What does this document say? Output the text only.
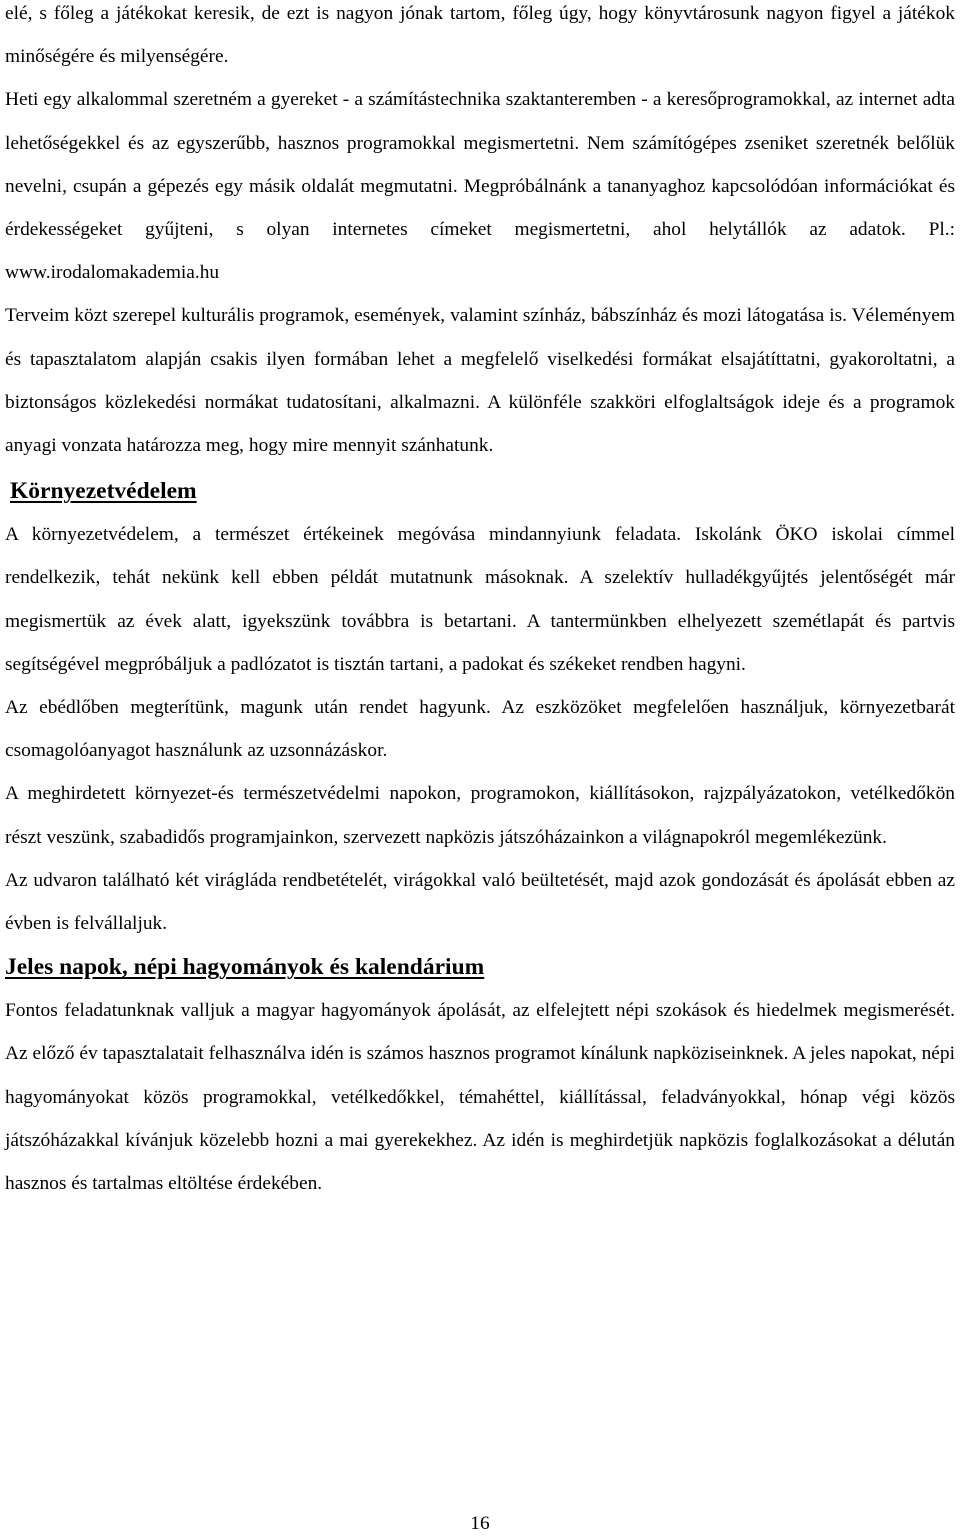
elé, s főleg a játékokat keresik, de ezt is nagyon jónak tartom, főleg úgy, hogy könyvtárosunk nagyon figyel a játékok minőségére és milyenségére.

Heti egy alkalommal szeretném a gyereket - a számítástechnika szaktanteremben - a keresőprogramokkal, az internet adta lehetőségekkel és az egyszerűbb, hasznos programokkal megismertetni. Nem számítógépes zseniket szeretnék belőlük nevelni, csupán a gépezés egy másik oldalát megmutatni. Megpróbálnánk a tananyaghoz kapcsolódóan információkat és érdekességeket gyűjteni, s olyan internetes címeket megismertetni, ahol helytállók az adatok. Pl.: www.irodalomakademia.hu

Terveim közt szerepel kulturális programok, események, valamint színház, bábszínház és mozi látogatása is. Véleményem és tapasztalatom alapján csakis ilyen formában lehet a megfelelő viselkedési formákat elsajátíttatni, gyakoroltatni, a biztonságos közlekedési normákat tudatosítani, alkalmazni. A különféle szakköri elfoglaltságok ideje és a programok anyagi vonzata határozza meg, hogy mire mennyit szánhatunk.

Környezetvédelem

A környezetvédelem, a természet értékeinek megóvása mindannyiunk feladata. Iskolánk ÖKO iskolai címmel rendelkezik, tehát nekünk kell ebben példát mutatnunk másoknak. A szelektív hulladékgyűjtés jelentőségét már megismertük az évek alatt, igyekszünk továbbra is betartani. A tantermünkben elhelyezett szemétlapát és partvis segítségével megpróbáljuk a padlózatot is tisztán tartani, a padokat és székeket rendben hagyni.

Az ebédlőben megterítünk, magunk után rendet hagyunk. Az eszközöket megfelelően használjuk, környezetbarát csomagolóanyagot használunk az uzsonnázáskor.

A meghirdetett környezet-és természetvédelmi napokon, programokon, kiállításokon, rajzpályázatokon, vetélkedőkön részt veszünk, szabadidős programjainkon, szervezett napközis játszóházainkon a világnapokról megemlékezünk.

Az udvaron található két virágláda rendbetételét, virágokkal való beültetését, majd azok gondozását és ápolását ebben az évben is felvállaljuk.

Jeles napok, népi hagyományok és kalendárium

Fontos feladatunknak valljuk a magyar hagyományok ápolását, az elfelejtett népi szokások és hiedelmek megismerését. Az előző év tapasztalatait felhasználva idén is számos hasznos programot kínálunk napköziseinknek. A jeles napokat, népi hagyományokat közös programokkal, vetélkedőkkel, témahéttel, kiállítással, feladványokkal, hónap végi közös játszóházakkal kívánjuk közelebb hozni a mai gyerekekhez. Az idén is meghirdetjük napközis foglalkozásokat a délután hasznos és tartalmas eltöltése érdekében.

16
